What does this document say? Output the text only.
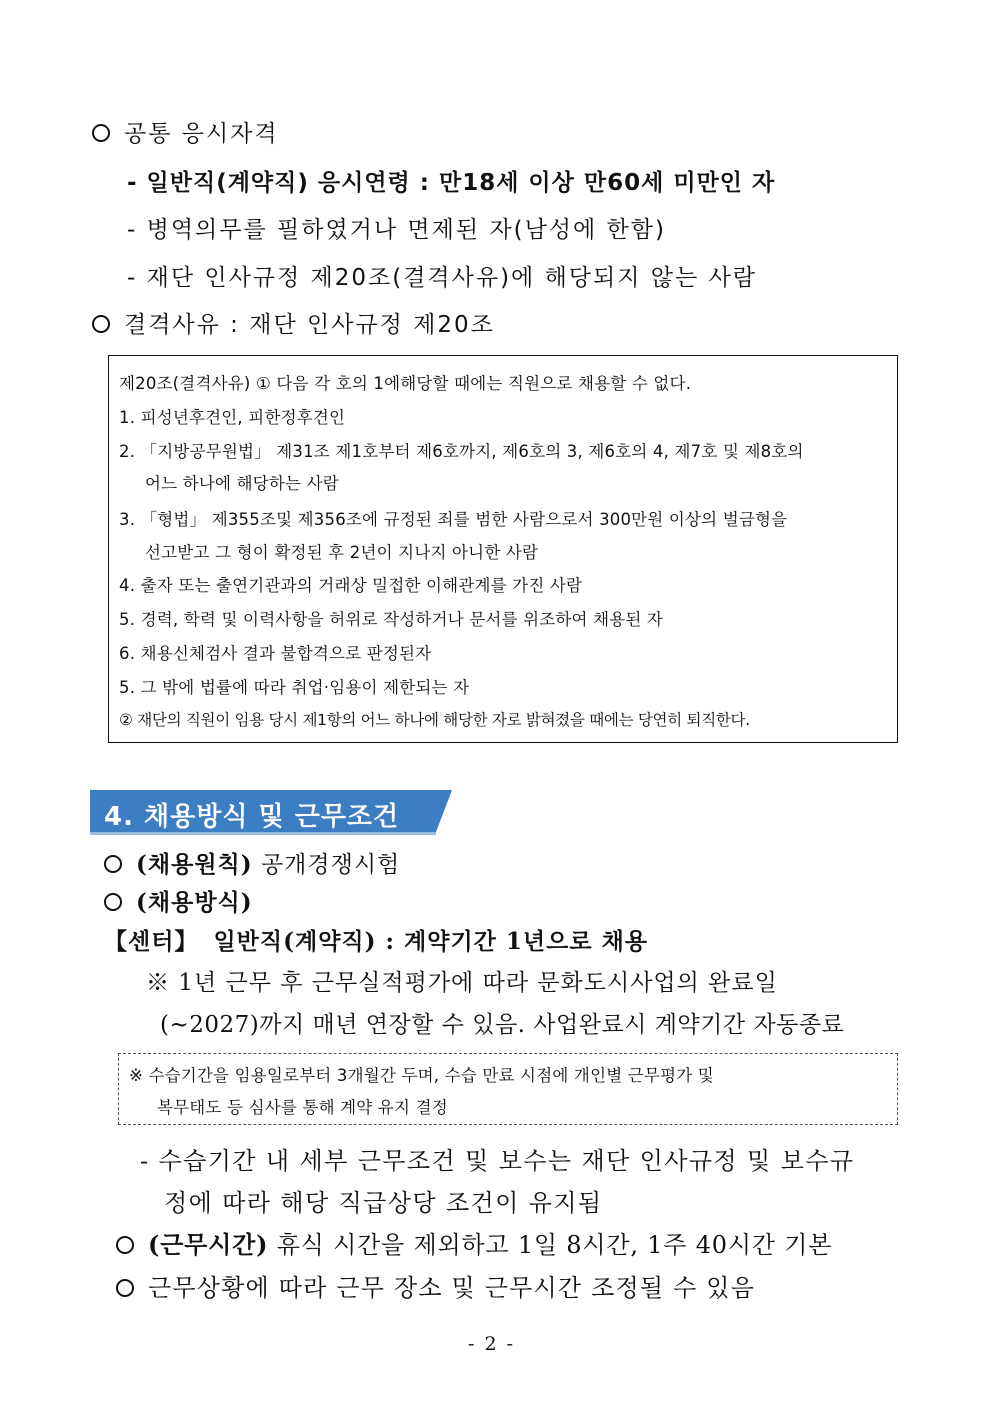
공통 응시자격
- 일반직(계약직) 응시연령 : 만18세 이상 만60세 미만인 자
- 병역의무를 필하였거나 면제된 자(남성에 한함)
- 재단 인사규정 제20조(결격사유)에 해당되지 않는 사람
결격사유 : 재단 인사규정 제20조
제20조(결격사유) ① 다음 각 호의 1에해당할 때에는 직원으로 채용할 수 없다.
1. 피성년후견인, 피한정후견인
2. 「지방공무원법」 제31조 제1호부터 제6호까지, 제6호의 3, 제6호의 4, 제7호 및 제8호의
어느 하나에 해당하는 사람
3. 「형법」 제355조및 제356조에 규정된 죄를 범한 사람으로서 300만원 이상의 벌금형을
선고받고 그 형이 확정된 후 2년이 지나지 아니한 사람
4. 출자 또는 출연기관과의 거래상 밀접한 이해관계를 가진 사람
5. 경력, 학력 및 이력사항을 허위로 작성하거나 문서를 위조하여 채용된 자
6. 채용신체검사 결과 불합격으로 판정된자
5. 그 밖에 법률에 따라 취업·임용이 제한되는 자
② 재단의 직원이 임용 당시 제1항의 어느 하나에 해당한 자로 밝혀졌을 때에는 당연히 퇴직한다.
4. 채용방식 및 근무조건
(채용원칙) 공개경쟁시험
(채용방식)
【센터】 일반직(계약직) : 계약기간 1년으로 채용
※ 1년 근무 후 근무실적평가에 따라 문화도시사업의 완료일
(~2027)까지 매년 연장할 수 있음. 사업완료시 계약기간 자동종료
※ 수습기간을 임용일로부터 3개월간 두며, 수습 만료 시점에 개인별 근무평가 및
복무태도 등 심사를 통해 계약 유지 결정
- 수습기간 내 세부 근무조건 및 보수는 재단 인사규정 및 보수규
정에 따라 해당 직급상당 조건이 유지됨
(근무시간) 휴식 시간을 제외하고 1일 8시간, 1주 40시간 기본
근무상황에 따라 근무 장소 및 근무시간 조정될 수 있음
- 2 -
